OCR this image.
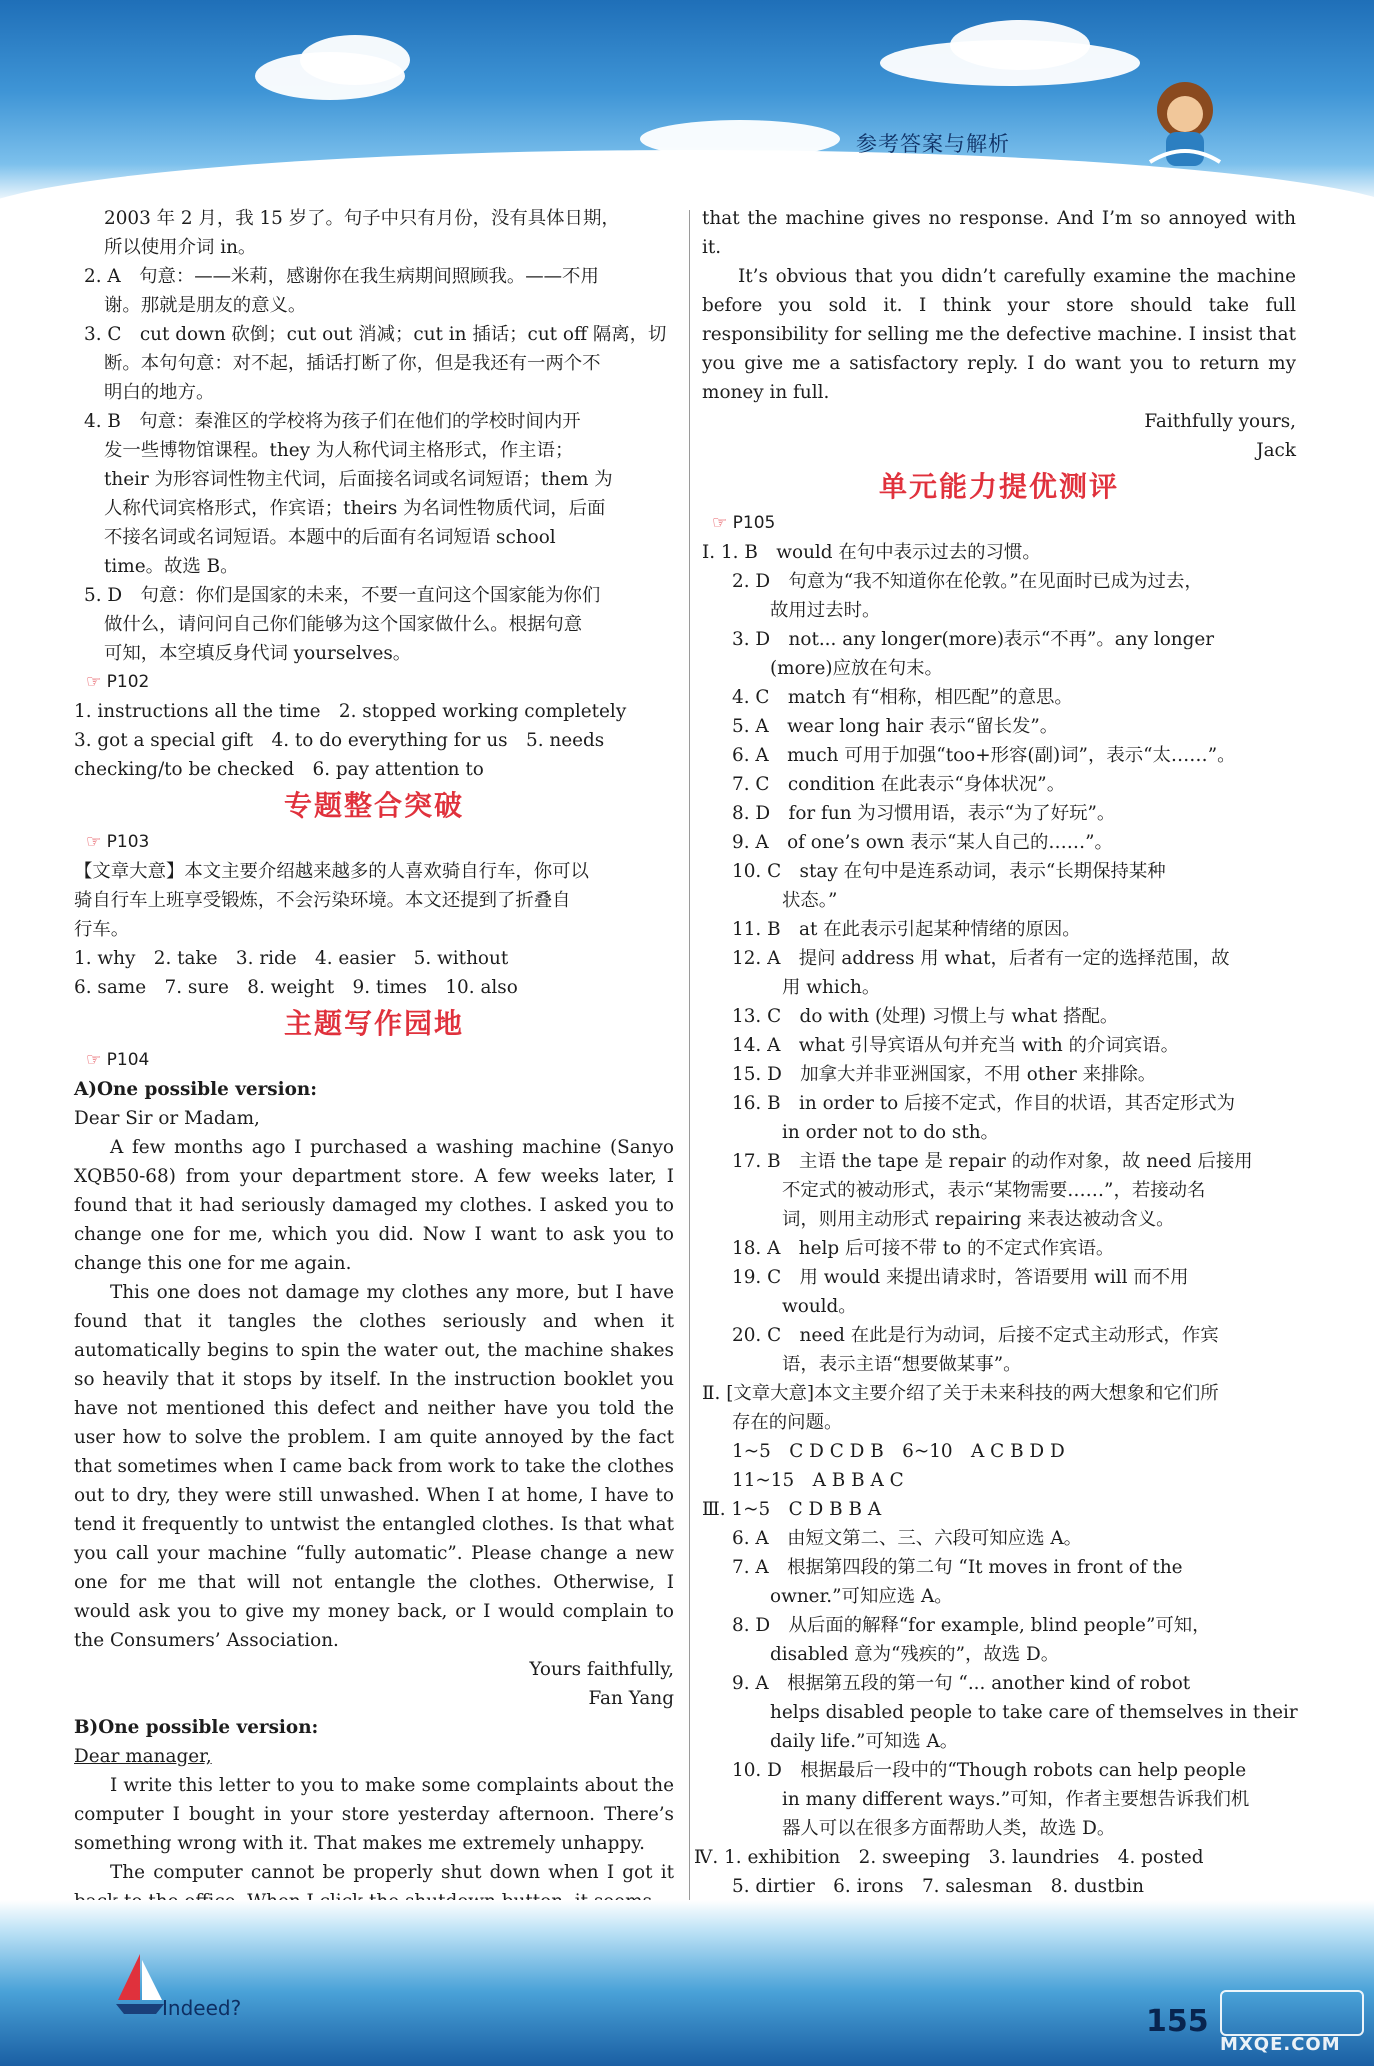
参考答案与解析
2003 年 2 月，我 15 岁了。句子中只有月份，没有具体日期，
所以使用介词 in。
2. A　句意：——米莉，感谢你在我生病期间照顾我。——不用
谢。那就是朋友的意义。
3. C　cut down 砍倒；cut out 消减；cut in 插话；cut off 隔离，切
断。本句句意：对不起，插话打断了你，但是我还有一两个不
明白的地方。
4. B　句意：秦淮区的学校将为孩子们在他们的学校时间内开
发一些博物馆课程。they 为人称代词主格形式，作主语；
their 为形容词性物主代词，后面接名词或名词短语；them 为
人称代词宾格形式，作宾语；theirs 为名词性物质代词，后面
不接名词或名词短语。本题中的后面有名词短语 school
time。故选 B。
5. D　句意：你们是国家的未来，不要一直问这个国家能为你们
做什么，请问问自己你们能够为这个国家做什么。根据句意
可知，本空填反身代词 yourselves。
☞ P102
1. instructions all the time　2. stopped working completely
3. got a special gift　4. to do everything for us　5. needs
checking/to be checked　6. pay attention to
专题整合突破
☞ P103
【文章大意】本文主要介绍越来越多的人喜欢骑自行车，你可以
骑自行车上班享受锻炼，不会污染环境。本文还提到了折叠自
行车。
1. why　2. take　3. ride　4. easier　5. without
6. same　7. sure　8. weight　9. times　10. also
主题写作园地
☞ P104
A)One possible version:
Dear Sir or Madam,
A few months ago I purchased a washing machine (Sanyo XQB50-68) from your department store. A few weeks later, I found that it had seriously damaged my clothes. I asked you to change one for me, which you did. Now I want to ask you to change this one for me again.
This one does not damage my clothes any more, but I have found that it tangles the clothes seriously and when it automatically begins to spin the water out, the machine shakes so heavily that it stops by itself. In the instruction booklet you have not mentioned this defect and neither have you told the user how to solve the problem. I am quite annoyed by the fact that sometimes when I came back from work to take the clothes out to dry, they were still unwashed. When I at home, I have to tend it frequently to untwist the entangled clothes. Is that what you call your machine “fully automatic”. Please change a new one for me that will not entangle the clothes. Otherwise, I would ask you to give my money back, or I would complain to the Consumers’ Association.
Yours faithfully,
Fan Yang
B)One possible version:
Dear manager,
I write this letter to you to make some complaints about the computer I bought in your store yesterday afternoon. There’s something wrong with it. That makes me extremely unhappy.
The computer cannot be properly shut down when I got it
that the machine gives no response. And I’m so annoyed with it.
It’s obvious that you didn’t carefully examine the machine before you sold it. I think your store should take full responsibility for selling me the defective machine. I insist that you give me a satisfactory reply. I do want you to return my money in full.
Faithfully yours,
Jack
单元能力提优测评
☞ P105
Ⅰ. 1. B　would 在句中表示过去的习惯。
2. D　句意为“我不知道你在伦敦。”在见面时已成为过去，
故用过去时。
3. D　not... any longer(more)表示“不再”。any longer
(more)应放在句末。
4. C　match 有“相称，相匹配”的意思。
5. A　wear long hair 表示“留长发”。
6. A　much 可用于加强“too+形容(副)词”，表示“太……”。
7. C　condition 在此表示“身体状况”。
8. D　for fun 为习惯用语，表示“为了好玩”。
9. A　of one’s own 表示“某人自己的……”。
10. C　stay 在句中是连系动词，表示“长期保持某种
状态。”
11. B　at 在此表示引起某种情绪的原因。
12. A　提问 address 用 what，后者有一定的选择范围，故
用 which。
13. C　do with (处理) 习惯上与 what 搭配。
14. A　what 引导宾语从句并充当 with 的介词宾语。
15. D　加拿大并非亚洲国家，不用 other 来排除。
16. B　in order to 后接不定式，作目的状语，其否定形式为
in order not to do sth。
17. B　主语 the tape 是 repair 的动作对象，故 need 后接用
不定式的被动形式，表示“某物需要……”，若接动名
词，则用主动形式 repairing 来表达被动含义。
18. A　help 后可接不带 to 的不定式作宾语。
19. C　用 would 来提出请求时，答语要用 will 而不用
would。
20. C　need 在此是行为动词，后接不定式主动形式，作宾
语，表示主语“想要做某事”。
Ⅱ. [文章大意]本文主要介绍了关于未来科技的两大想象和它们所
存在的问题。
1~5　C D C D B　6~10　A C B D D
11~15　A B B A C
Ⅲ. 1~5　C D B B A
6. A　由短文第二、三、六段可知应选 A。
7. A　根据第四段的第二句 “It moves in front of the
owner.”可知应选 A。
8. D　从后面的解释“for example, blind people”可知，
disabled 意为“残疾的”，故选 D。
9. A　根据第五段的第一句 “... another kind of robot
helps disabled people to take care of themselves in their
daily life.”可知选 A。
10. D　根据最后一段中的“Though robots can help people
in many different ways.”可知，作者主要想告诉我们机
器人可以在很多方面帮助人类，故选 D。
Ⅳ. 1. exhibition　2. sweeping　3. laundries　4. posted
5. dirtier　6. irons　7. salesman　8. dustbin
Indeed?	155
MXQE.COM
